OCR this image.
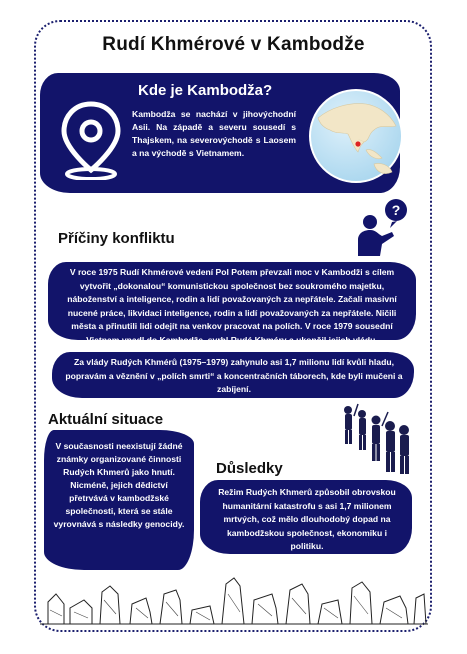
Rudí Khmérové v Kambodže
Kde je Kambodža?
Kambodža se nachází v jihovýchodní Asii. Na západě a severu sousedí s Thajskem, na severovýchodě s Laosem a na východě s Vietnamem.
Příčiny konfliktu
?
V roce 1975 Rudí Khmérové vedení Pol Potem převzali moc v Kambodži s cílem vytvořit „dokonalou“ komunistickou společnost bez soukromého majetku, náboženství a inteligence, rodin a lidí považovaných za nepřátele. Začali masivní nucené práce, likvidaci inteligence, rodin a lidí považovaných za nepřátele. Ničili města a přinutili lidi odejít na venkov pracovat na polích. V roce 1979 sousední Vietnam vpadl do Kambodže, svrhl Rudé Khméry a ukončil jejich vládu.
Za vlády Rudých Khmérů (1975–1979) zahynulo asi 1,7 milionu lidí kvůli hladu, popravám a věznění v „polích smrti“ a koncentračních táborech, kde byli mučeni a zabíjení.
Aktuální situace
V současnosti neexistují žádné známky organizované činnosti Rudých Khmerů jako hnutí. Nicméně, jejich dědictví přetrvává v kambodžské společnosti, která se stále vyrovnává s následky genocidy.
Důsledky
Režim Rudých Khmerů způsobil obrovskou humanitární katastrofu s asi 1,7 milionem mrtvých, což mělo dlouhodobý dopad na kambodžskou společnost, ekonomiku i politiku.
